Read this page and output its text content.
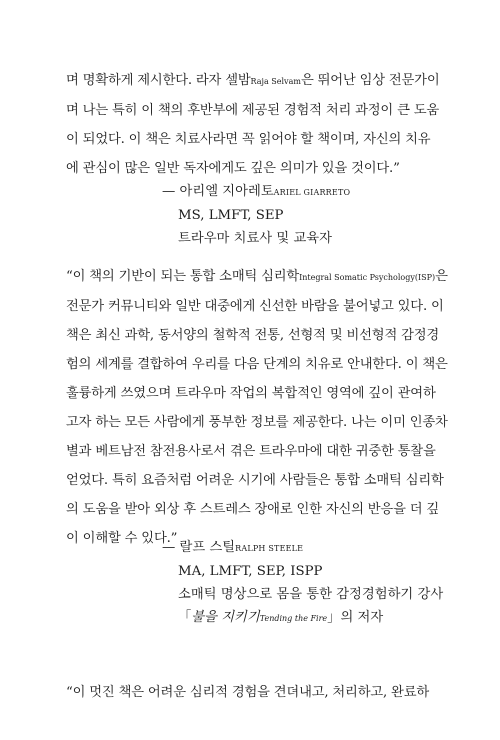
며 명확하게 제시한다. 라자 셀밤Raja Selvam은 뛰어난 임상 전문가이
며 나는 특히 이 책의 후반부에 제공된 경험적 처리 과정이 큰 도움
이 되었다. 이 책은 치료사라면 꼭 읽어야 할 책이며, 자신의 치유
에 관심이 많은 일반 독자에게도 깊은 의미가 있을 것이다.”

— 아리엘 지아레토ARIEL GIARRETO
MS, LMFT, SEP
트라우마 치료사 및 교육자

“이 책의 기반이 되는 통합 소매틱 심리학Integral Somatic Psychology(ISP)은
전문가 커뮤니티와 일반 대중에게 신선한 바람을 불어넣고 있다. 이
책은 최신 과학, 동서양의 철학적 전통, 선형적 및 비선형적 감정경
험의 세계를 결합하여 우리를 다음 단계의 치유로 안내한다. 이 책은
훌륭하게 쓰였으며 트라우마 작업의 복합적인 영역에 깊이 관여하
고자 하는 모든 사람에게 풍부한 정보를 제공한다. 나는 이미 인종차
별과 베트남전 참전용사로서 겪은 트라우마에 대한 귀중한 통찰을
얻었다. 특히 요즘처럼 어려운 시기에 사람들은 통합 소매틱 심리학
의 도움을 받아 외상 후 스트레스 장애로 인한 자신의 반응을 더 깊
이 이해할 수 있다.”

— 랄프 스틸RALPH STEELE
MA, LMFT, SEP, ISPP
소매틱 명상으로 몸을 통한 감정경험하기 강사
「불을 지키기Tending the Fire」의 저자

“이 멋진 책은 어려운 심리적 경험을 견뎌내고, 처리하고, 완료하
